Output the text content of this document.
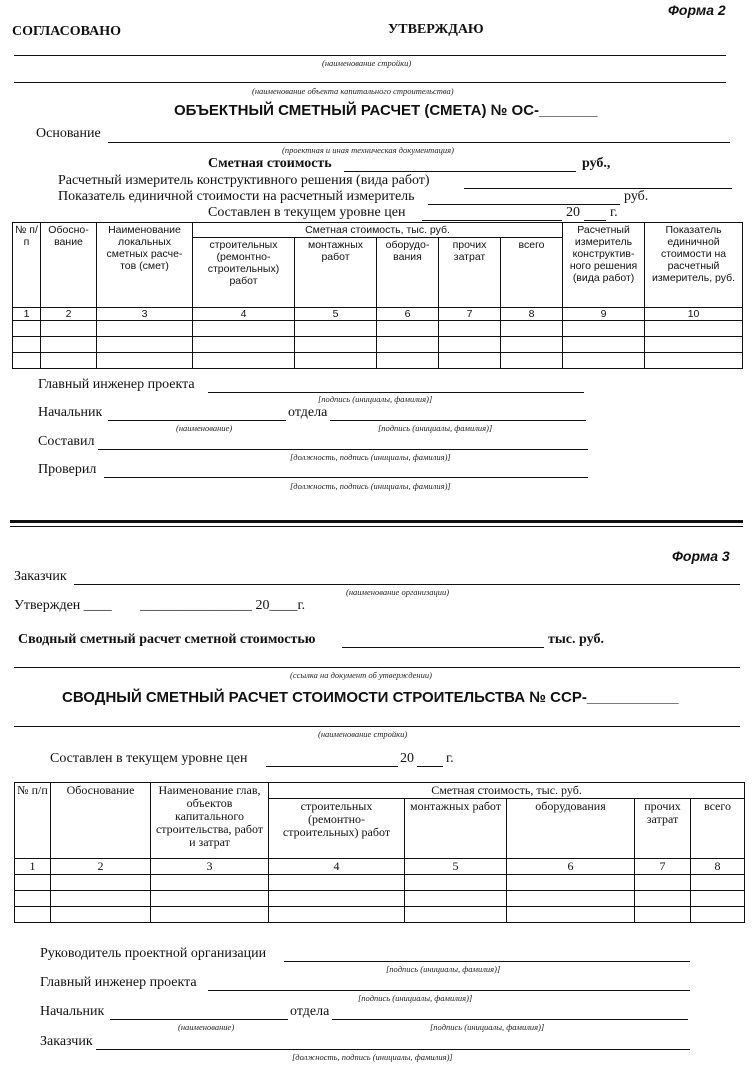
Форма 2
СОГЛАСОВАНО	УТВЕРЖДАЮ
(наименование стройки)
(наименование объекта капитального строительства)
ОБЪЕКТНЫЙ СМЕТНЫЙ РАСЧЕТ (СМЕТА) № ОС-_______
Основание
(проектная и иная техническая документация)
Сметная стоимость	руб.,
Расчетный измеритель конструктивного решения (вида работ)
Показатель единичной стоимости на расчетный измеритель	руб.
Составлен в текущем уровне цен	20 г.
№ п/п	Обосно-вание	Наименование локальных сметных расче-тов (смет)	Сметная стоимость, тыс. руб.					Расчетный измеритель конструктив-ного решения (вида работ)	Показатель единичной стоимости на расчетный измеритель, руб.
			строительных (ремонтно-строительных) работ	монтажных работ	оборудо-вания	прочих затрат	всего		
1	2	3	4	5	6	7	8	9	10

Главный инженер проекта
[подпись (инициалы, фамилия)]
Начальник	отдела
(наименование)	[подпись (инициалы, фамилия)]
Составил
[должность, подпись (инициалы, фамилия)]
Проверил
[должность, подпись (инициалы, фамилия)]
Форма 3
Заказчик
(наименование организации)
Утвержден ____ ________________ 20____г.
Сводный сметный расчет сметной стоимостью	тыс. руб.
(ссылка на документ об утверждении)
СВОДНЫЙ СМЕТНЫЙ РАСЧЕТ СТОИМОСТИ СТРОИТЕЛЬСТВА № ССР-___________
(наименование стройки)
Составлен в текущем уровне цен	20 г.
№ п/п	Обоснование	Наименование глав, объектов капитального строительства, работ и затрат	Сметная стоимость, тыс. руб.				
			строительных (ремонтно-строительных) работ	монтажных работ	оборудования	прочих затрат	всего
1	2	3	4	5	6	7	8

Руководитель проектной организации
[подпись (инициалы, фамилия)]
Главный инженер проекта
[подпись (инициалы, фамилия)]
Начальник	отдела
(наименование)	[подпись (инициалы, фамилия)]
Заказчик
[должность, подпись (инициалы, фамилия)]
